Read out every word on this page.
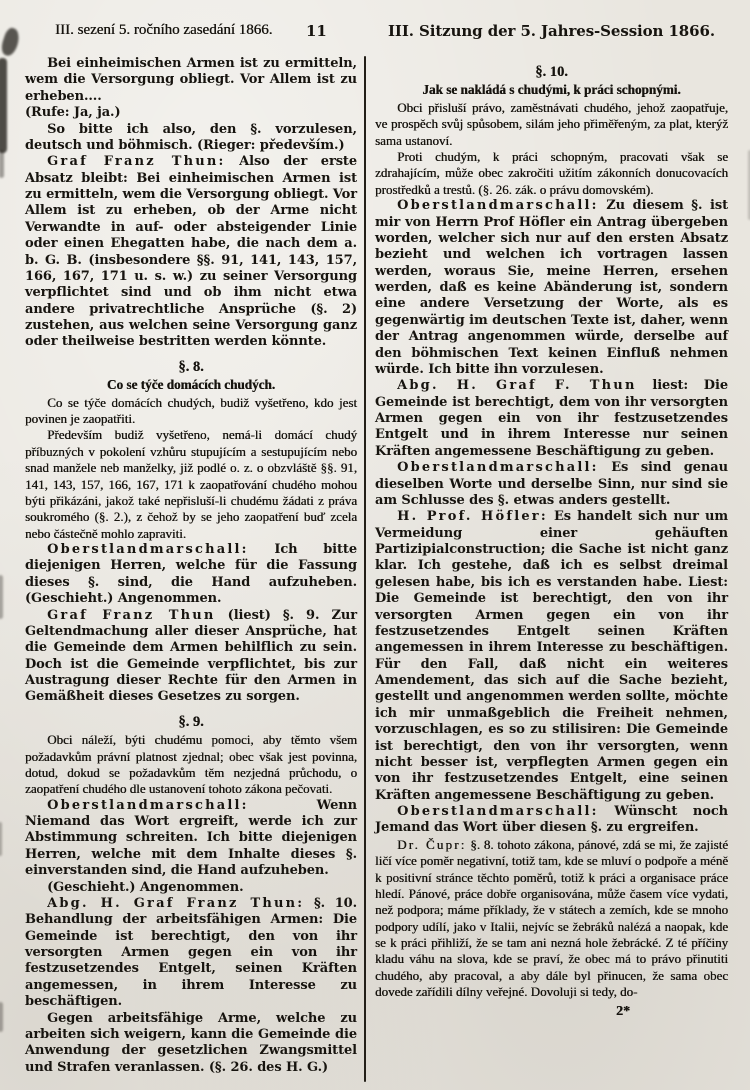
III. sezení 5. ročního zasedání 1866. 11	III. Sitzung der 5. Jahres-Session 1866.
Bei einheimischen Armen ist zu ermitteln, wem die Versorgung obliegt. Vor Allem ist zu erheben....
(Rufe: Ja, ja.)
So bitte ich also, den §. vorzulesen, deutsch und böhmisch. (Rieger: především.)
Graf Franz Thun: Also der erste Absatz bleibt: Bei einheimischen Armen ist zu ermitteln, wem die Versorgung obliegt. Vor Allem ist zu erheben, ob der Arme nicht Verwandte in auf- oder absteigender Linie oder einen Ehegatten habe, die nach dem a. b. G. B. (insbesondere §§. 91, 141, 143, 157, 166, 167, 171 u. s. w.) zu seiner Versorgung verpflichtet sind und ob ihm nicht etwa andere privatrechtliche Ansprüche (§. 2) zustehen, aus welchen seine Versorgung ganz oder theilweise bestritten werden könnte.
§. 8.
Co se týče domácích chudých.
Co se týče domácích chudých, budiž vyšetřeno, kdo jest povinen je zaopatřiti.
Především budiž vyšetřeno, nemá-li domácí chudý příbuzných v pokolení vzhůru stupujícím a sestupujícím nebo snad manžele neb manželky, již podlé o. z. o obzvláště §§. 91, 141, 143, 157, 166, 167, 171 k zaopatřování chudého mohou býti přikázáni, jakož také nepřisluší-li chudému žádati z práva soukromého (§. 2.), z čehož by se jeho zaopatření buď zcela nebo částečně mohlo zapraviti.
Oberstlandmarschall: Ich bitte diejenigen Herren, welche für die Fassung dieses §. sind, die Hand aufzuheben. (Geschieht.) Angenommen.
Graf Franz Thun (liest) §. 9. Zur Geltendmachung aller dieser Ansprüche, hat die Gemeinde dem Armen behilflich zu sein. Doch ist die Gemeinde verpflichtet, bis zur Austragung dieser Rechte für den Armen in Gemäßheit dieses Gesetzes zu sorgen.
§. 9.
Obci náleží, býti chudému pomoci, aby těmto všem požadavkům právní platnost zjednal; obec však jest povinna, dotud, dokud se požadavkům těm nezjedná průchodu, o zaopatření chudého dle ustanovení tohoto zákona pečovati.
Oberstlandmarschall: Wenn Niemand das Wort ergreift, werde ich zur Abstimmung schreiten. Ich bitte diejenigen Herren, welche mit dem Inhalte dieses §. einverstanden sind, die Hand aufzuheben.
(Geschieht.) Angenommen.
Abg. H. Graf Franz Thun: §. 10. Behandlung der arbeitsfähigen Armen: Die Gemeinde ist berechtigt, den von ihr versorgten Armen gegen ein von ihr festzusetzendes Entgelt, seinen Kräften angemessen, in ihrem Interesse zu beschäftigen.
Gegen arbeitsfähige Arme, welche zu arbeiten sich weigern, kann die Gemeinde die Anwendung der gesetzlichen Zwangsmittel und Strafen veranlassen. (§. 26. des H. G.)
§. 10.
Jak se nakládá s chudými, k práci schopnými.
Obci přisluší právo, zaměstnávati chudého, jehož zaopatřuje, ve prospěch svůj spůsobem, silám jeho přiměřeným, za plat, kterýž sama ustanoví.
Proti chudým, k práci schopným, pracovati však se zdrahajícím, může obec zakročiti užitím zákonních donucovacích prostředků a trestů. (§. 26. zák. o právu domovském).
Oberstlandmarschall: Zu diesem §. ist mir von Herrn Prof Höfler ein Antrag übergeben worden, welcher sich nur auf den ersten Absatz bezieht und welchen ich vortragen lassen werden, woraus Sie, meine Herren, ersehen werden, daß es keine Abänderung ist, sondern eine andere Versetzung der Worte, als es gegenwärtig im deutschen Texte ist, daher, wenn der Antrag angenommen würde, derselbe auf den böhmischen Text keinen Einfluß nehmen würde. Ich bitte ihn vorzulesen.
Abg. H. Graf F. Thun liest: Die Gemeinde ist berechtigt, dem von ihr versorgten Armen gegen ein von ihr festzusetzendes Entgelt und in ihrem Interesse nur seinen Kräften angemessene Beschäftigung zu geben.
Oberstlandmarschall: Es sind genau dieselben Worte und derselbe Sinn, nur sind sie am Schlusse des §. etwas anders gestellt.
H. Prof. Höfler: Es handelt sich nur um Vermeidung einer gehäuften Partizipialconstruction; die Sache ist nicht ganz klar. Ich gestehe, daß ich es selbst dreimal gelesen habe, bis ich es verstanden habe. Liest: Die Gemeinde ist berechtigt, den von ihr versorgten Armen gegen ein von ihr festzusetzendes Entgelt seinen Kräften angemessen in ihrem Interesse zu beschäftigen. Für den Fall, daß nicht ein weiteres Amendement, das sich auf die Sache bezieht, gestellt und angenommen werden sollte, möchte ich mir unmaßgeblich die Freiheit nehmen, vorzuschlagen, es so zu stilisiren: Die Gemeinde ist berechtigt, den von ihr versorgten, wenn nicht besser ist, verpflegten Armen gegen ein von ihr festzusetzendes Entgelt, eine seinen Kräften angemessene Beschäftigung zu geben.
Oberstlandmarschall: Wünscht noch Jemand das Wort über diesen §. zu ergreifen.
Dr. Čupr: §. 8. tohoto zákona, pánové, zdá se mi, že zajisté ličí více poměr negativní, totiž tam, kde se mluví o podpoře a méně k positivní stránce těchto poměrů, totiž k práci a organisace práce hledí. Pánové, práce dobře organisována, může časem více vydati, než podpora; máme příklady, že v státech a zemích, kde se mnoho podpory udílí, jako v Italii, nejvíc se žebráků nalézá a naopak, kde se k práci přihliží, že se tam ani nezná hole žebrácké. Z té příčiny kladu váhu na slova, kde se praví, že obec má to právo přinutiti chudého, aby pracoval, a aby dále byl přinucen, že sama obec dovede zařídili dílny veřejné. Dovoluji si tedy, do-
2*
